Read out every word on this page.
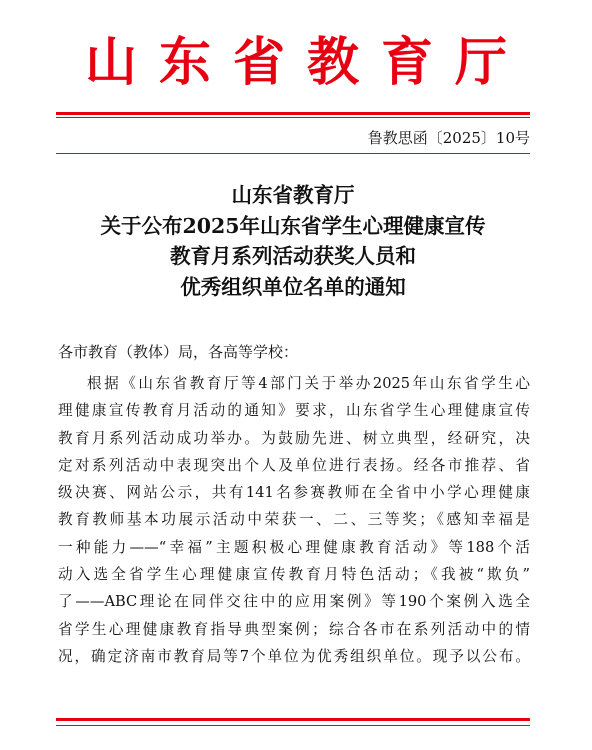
山东省教育厅
鲁教思函〔2025〕10号
山东省教育厅
关于公布2025年山东省学生心理健康宣传
教育月系列活动获奖人员和
优秀组织单位名单的通知
各市教育（教体）局，各高等学校：
根据《山东省教育厅等4部门关于举办2025年山东省学生心
理健康宣传教育月活动的通知》要求，山东省学生心理健康宣传
教育月系列活动成功举办。为鼓励先进、树立典型，经研究，决
定对系列活动中表现突出个人及单位进行表扬。经各市推荐、省
级决赛、网站公示，共有141名参赛教师在全省中小学心理健康
教育教师基本功展示活动中荣获一、二、三等奖；《感知幸福是
一种能力——“幸福”主题积极心理健康教育活动》等188个活
动入选全省学生心理健康宣传教育月特色活动；《我被“欺负”
了——ABC理论在同伴交往中的应用案例》等190个案例入选全
省学生心理健康教育指导典型案例；综合各市在系列活动中的情
况，确定济南市教育局等7个单位为优秀组织单位。现予以公布。
